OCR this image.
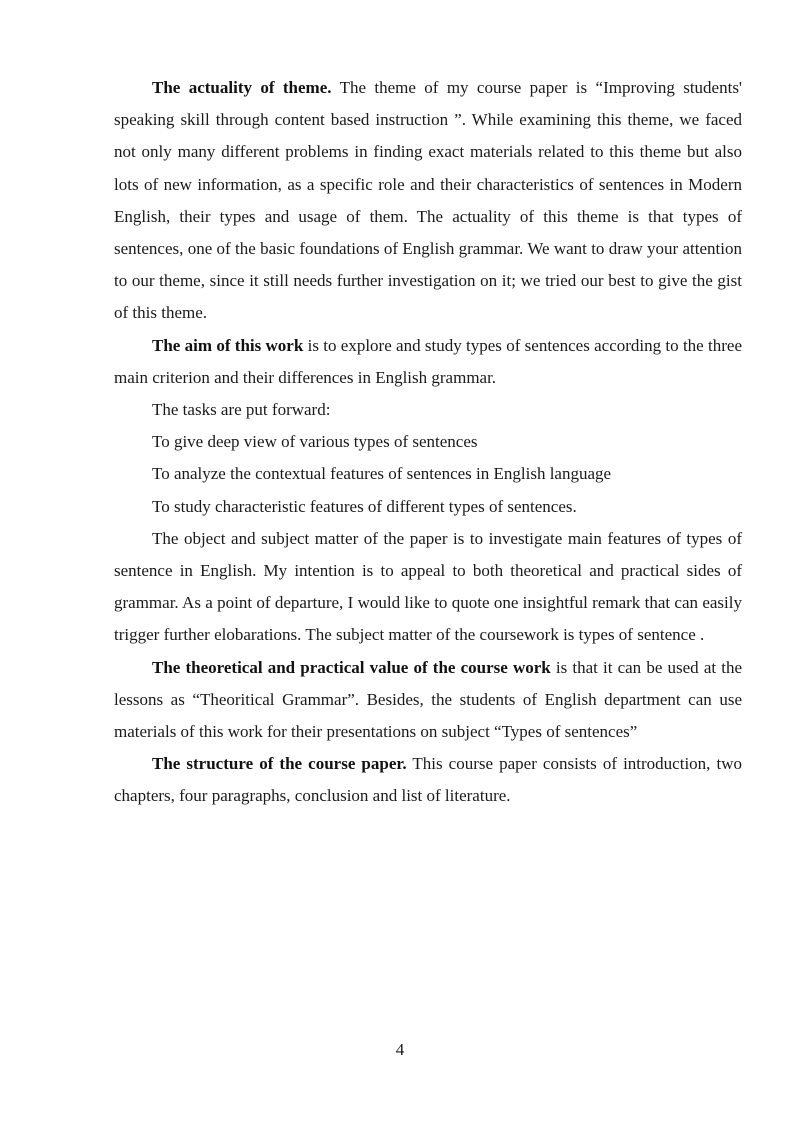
The actuality of theme. The theme of my course paper is “Improving students' speaking skill through content based instruction ”. While examining this theme, we faced not only many different problems in finding exact materials related to this theme but also lots of new information, as a specific role and their characteristics of sentences in Modern English, their types and usage of them. The actuality of this theme is that types of sentences, one of the basic foundations of English grammar. We want to draw your attention to our theme, since it still needs further investigation on it; we tried our best to give the gist of this theme.

The aim of this work is to explore and study types of sentences according to the three main criterion and their differences in English grammar.

The tasks are put forward:

To give deep view of various types of sentences

To analyze the contextual features of sentences in English language

To study characteristic features of different types of sentences.

The object and subject matter of the paper is to investigate main features of types of sentence in English. My intention is to appeal to both theoretical and practical sides of grammar. As a point of departure, I would like to quote one insightful remark that can easily trigger further elobarations. The subject matter of the coursework is types of sentence .

The theoretical and practical value of the course work is that it can be used at the lessons as “Theoritical Grammar”. Besides, the students of English department can use materials of this work for their presentations on subject “Types of sentences”

The structure of the course paper. This course paper consists of introduction, two chapters, four paragraphs, conclusion and list of literature.

4
